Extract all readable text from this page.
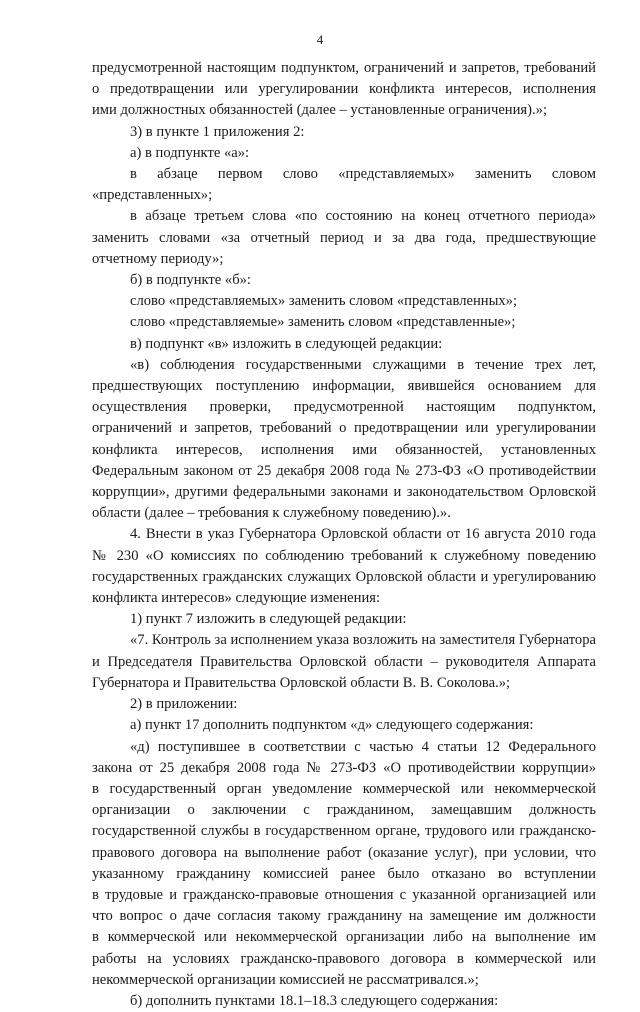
4

предусмотренной настоящим подпунктом, ограничений и запретов, требований

о предотвращении или урегулировании конфликта интересов, исполнения

ими должностных обязанностей (далее – установленные ограничения).»;

3) в пункте 1 приложения 2:

а) в подпункте «а»:

в абзаце первом слово «представляемых» заменить словом

«представленных»;

в абзаце третьем слова «по состоянию на конец отчетного периода»

заменить словами «за отчетный период и за два года, предшествующие

отчетному периоду»;

б) в подпункте «б»:

слово «представляемых» заменить словом «представленных»;

слово «представляемые» заменить словом «представленные»;

в) подпункт «в» изложить в следующей редакции:

«в) соблюдения государственными служащими в течение трех лет,

предшествующих поступлению информации, явившейся основанием для

осуществления проверки, предусмотренной настоящим подпунктом,

ограничений и запретов, требований о предотвращении или урегулировании

конфликта интересов, исполнения ими обязанностей, установленных

Федеральным законом от 25 декабря 2008 года № 273-ФЗ «О противодействии

коррупции», другими федеральными законами и законодательством Орловской

области (далее – требования к служебному поведению).».

4. Внести в указ Губернатора Орловской области от 16 августа 2010 года

№ 230 «О комиссиях по соблюдению требований к служебному поведению

государственных гражданских служащих Орловской области и урегулированию

конфликта интересов» следующие изменения:

1) пункт 7 изложить в следующей редакции:

«7. Контроль за исполнением указа возложить на заместителя Губернатора

и Председателя Правительства Орловской области – руководителя Аппарата

Губернатора и Правительства Орловской области В. В. Соколова.»;

2) в приложении:

а) пункт 17 дополнить подпунктом «д» следующего содержания:

«д) поступившее в соответствии с частью 4 статьи 12 Федерального

закона от 25 декабря 2008 года № 273-ФЗ «О противодействии коррупции»

в государственный орган уведомление коммерческой или некоммерческой

организации о заключении с гражданином, замещавшим должность

государственной службы в государственном органе, трудового или гражданско-

правового договора на выполнение работ (оказание услуг), при условии, что

указанному гражданину комиссией ранее было отказано во вступлении

в трудовые и гражданско-правовые отношения с указанной организацией или

что вопрос о даче согласия такому гражданину на замещение им должности

в коммерческой или некоммерческой организации либо на выполнение им

работы на условиях гражданско-правового договора в коммерческой или

некоммерческой организации комиссией не рассматривался.»;

б) дополнить пунктами 18.1–18.3 следующего содержания:
